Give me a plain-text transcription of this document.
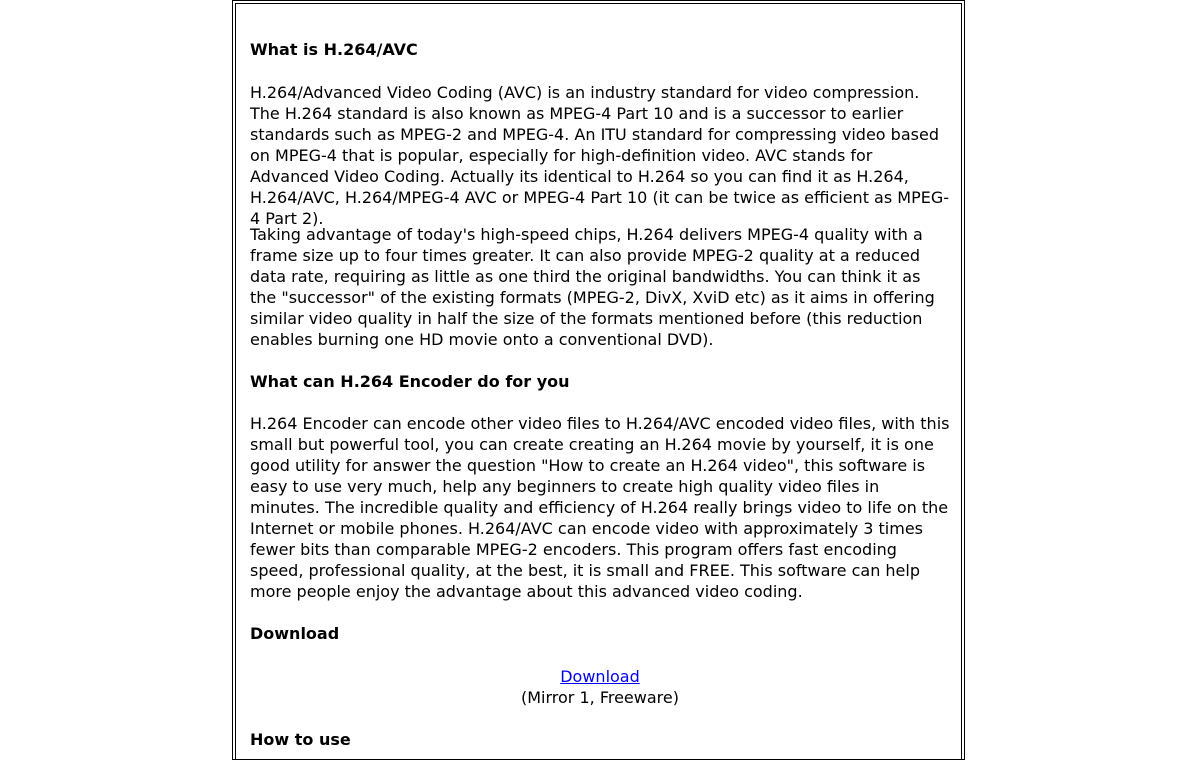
What is H.264/AVC

H.264/Advanced Video Coding (AVC) is an industry standard for video compression. The H.264 standard is also known as MPEG-4 Part 10 and is a successor to earlier standards such as MPEG-2 and MPEG-4. An ITU standard for compressing video based on MPEG-4 that is popular, especially for high-definition video. AVC stands for Advanced Video Coding. Actually its identical to H.264 so you can find it as H.264, H.264/AVC, H.264/MPEG-4 AVC or MPEG-4 Part 10 (it can be twice as efficient as MPEG-4 Part 2).

Taking advantage of today's high-speed chips, H.264 delivers MPEG-4 quality with a frame size up to four times greater. It can also provide MPEG-2 quality at a reduced data rate, requiring as little as one third the original bandwidths. You can think it as the "successor" of the existing formats (MPEG-2, DivX, XviD etc) as it aims in offering similar video quality in half the size of the formats mentioned before (this reduction enables burning one HD movie onto a conventional DVD).

What can H.264 Encoder do for you

H.264 Encoder can encode other video files to H.264/AVC encoded video files, with this small but powerful tool, you can create creating an H.264 movie by yourself, it is one good utility for answer the question "How to create an H.264 video", this software is easy to use very much, help any beginners to create high quality video files in minutes. The incredible quality and efficiency of H.264 really brings video to life on the Internet or mobile phones. H.264/AVC can encode video with approximately 3 times fewer bits than comparable MPEG-2 encoders. This program offers fast encoding speed, professional quality, at the best, it is small and FREE. This software can help more people enjoy the advantage about this advanced video coding.

Download
Download
(Mirror 1, Freeware)
How to use
